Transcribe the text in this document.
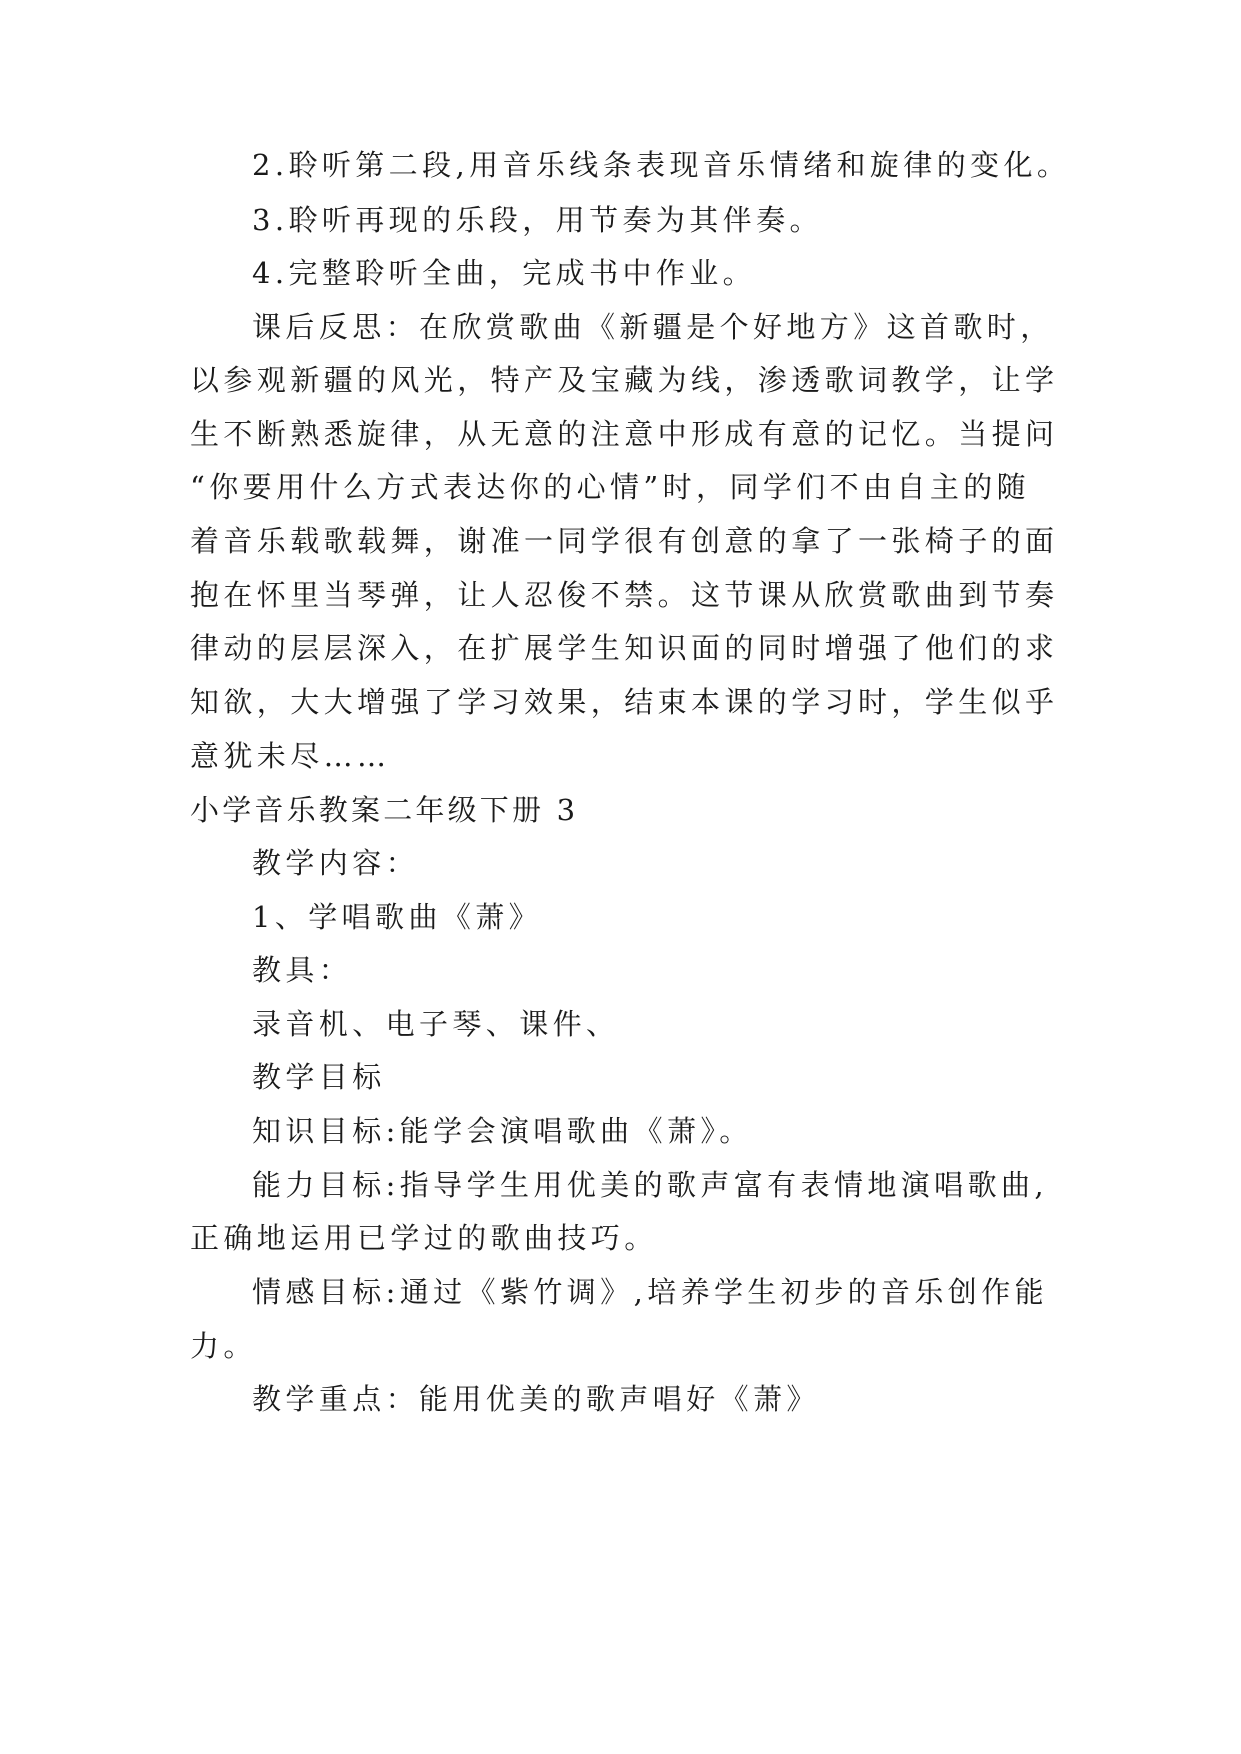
2.聆听第二段,用音乐线条表现音乐情绪和旋律的变化。

3.聆听再现的乐段，用节奏为其伴奏。

4.完整聆听全曲，完成书中作业。

课后反思：在欣赏歌曲《新疆是个好地方》这首歌时，

以参观新疆的风光，特产及宝藏为线，渗透歌词教学，让学

生不断熟悉旋律，从无意的注意中形成有意的记忆。当提问

“你要用什么方式表达你的心情”时，同学们不由自主的随

着音乐载歌载舞，谢准一同学很有创意的拿了一张椅子的面

抱在怀里当琴弹，让人忍俊不禁。这节课从欣赏歌曲到节奏

律动的层层深入，在扩展学生知识面的同时增强了他们的求

知欲，大大增强了学习效果，结束本课的学习时，学生似乎

意犹未尽……

小学音乐教案二年级下册 3

教学内容：

1、学唱歌曲《萧》

教具：

录音机、电子琴、课件、

教学目标

知识目标:能学会演唱歌曲《萧》。

能力目标:指导学生用优美的歌声富有表情地演唱歌曲,

正确地运用已学过的歌曲技巧。

情感目标:通过《紫竹调》,培养学生初步的音乐创作能

力。

教学重点：能用优美的歌声唱好《萧》
